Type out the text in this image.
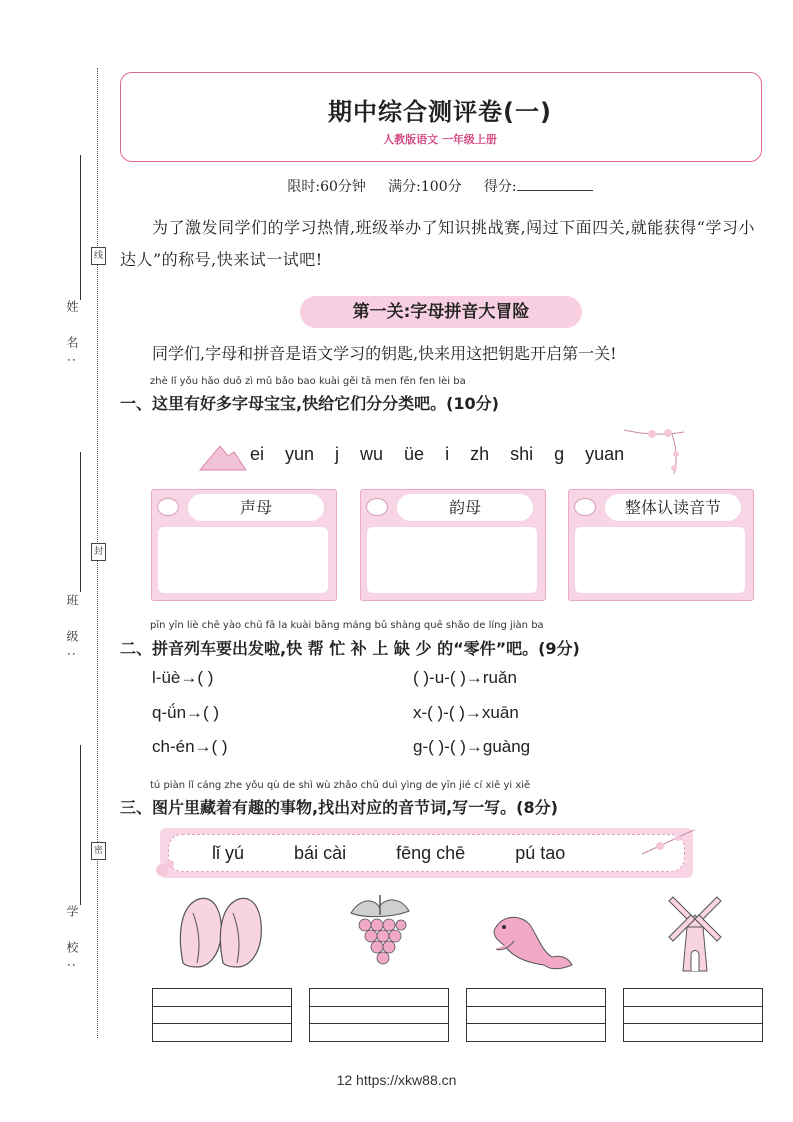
姓 名:
线
班 级:
封
学 校:
密
期中综合测评卷(一)
人教版语文 一年级上册
限时:60分钟 满分:100分 得分:
为了激发同学们的学习热情,班级举办了知识挑战赛,闯过下面四关,就能获得“学习小达人”的称号,快来试一试吧!
第一关:字母拼音大冒险
同学们,字母和拼音是语文学习的钥匙,快来用这把钥匙开启第一关!
zhè lǐ yǒu hǎo duō zì mǔ bǎo bao kuài gěi tā men fēn fen lèi ba
一、这里有好多字母宝宝,快给它们分分类吧。(10分)
ei yun j wu üe i zh shi g yuan
声母	韵母	整体认读音节
pīn yīn liè chē yào chū fā la kuài bāng máng bǔ shàng quē shǎo de líng jiàn ba
二、拼音列车要出发啦,快 帮 忙 补 上 缺 少 的“零件”吧。(9分)
l-üè→( )	( )-u-( )→ruǎn
q-ǘn→( )	x-( )-( )→xuān
ch-én→( )	g-( )-( )→guàng
tú piàn lǐ cáng zhe yǒu qù de shì wù zhǎo chū duì yìng de yīn jié cí xiě yi xiě
三、图片里藏着有趣的事物,找出对应的音节词,写一写。(8分)
lǐ yú	bái cài	fēng chē	pú tao
12 https://xkw88.cn
